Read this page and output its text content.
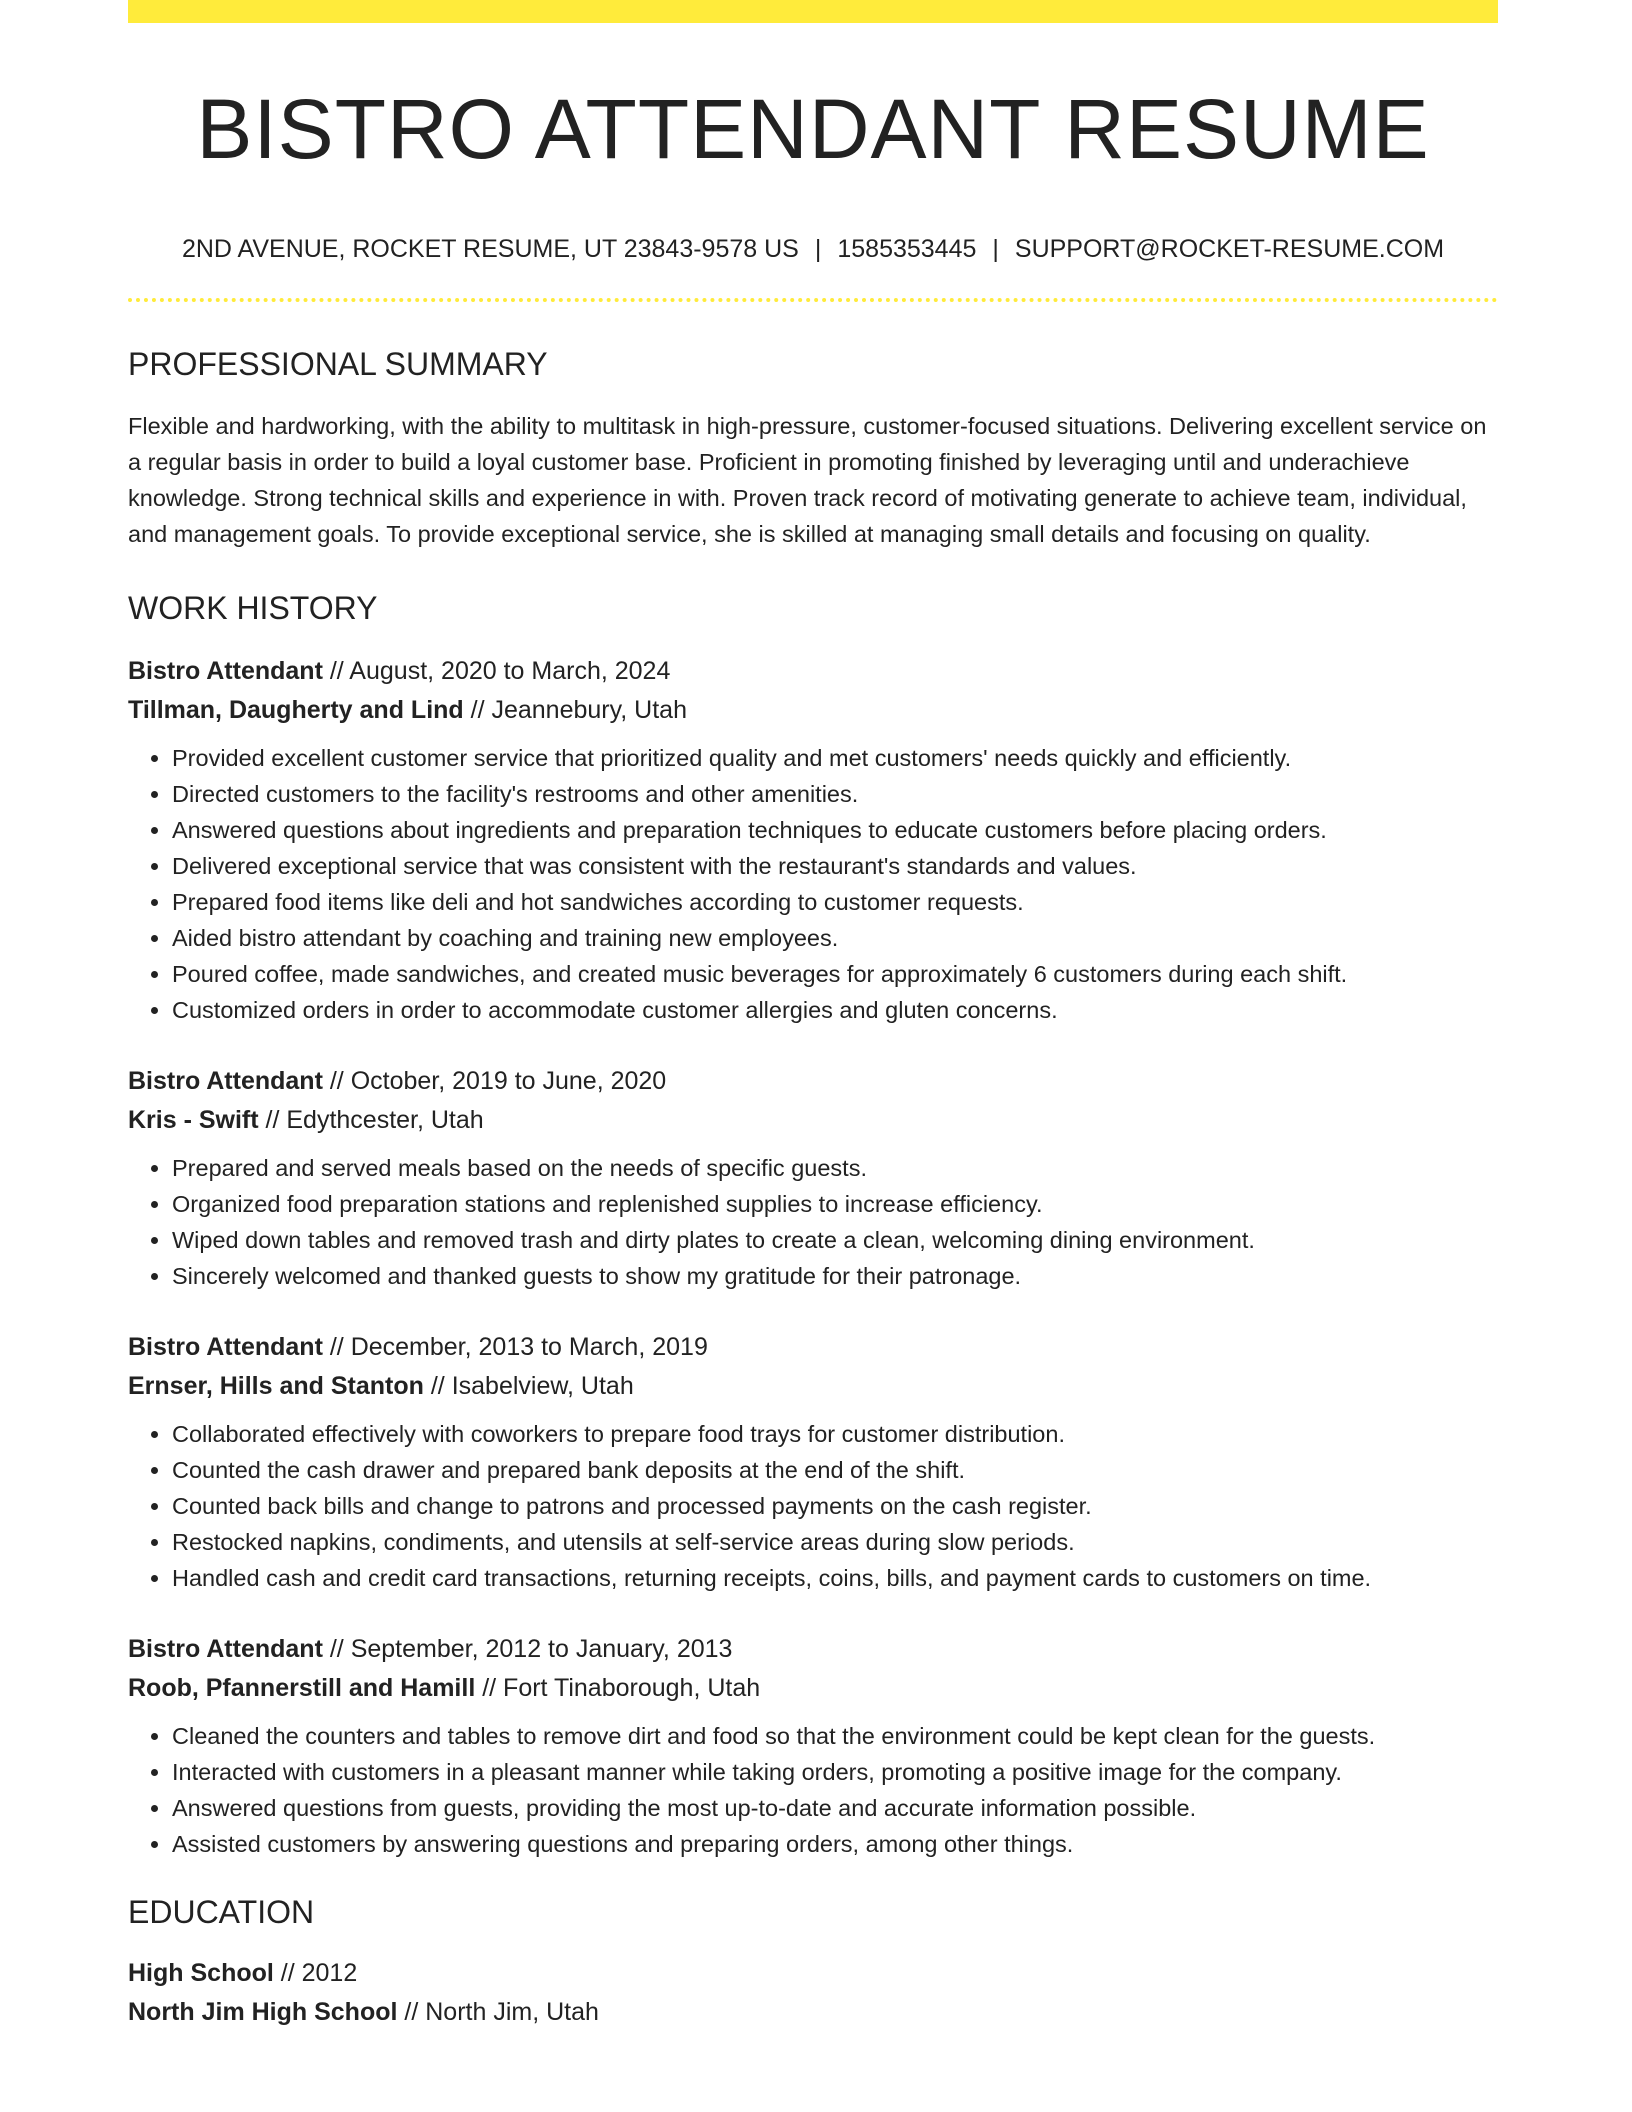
BISTRO ATTENDANT RESUME
2ND AVENUE, ROCKET RESUME, UT 23843-9578 US | 1585353445 | SUPPORT@ROCKET-RESUME.COM
PROFESSIONAL SUMMARY

Flexible and hardworking, with the ability to multitask in high-pressure, customer-focused situations. Delivering excellent service on a regular basis in order to build a loyal customer base. Proficient in promoting finished by leveraging until and underachieve knowledge. Strong technical skills and experience in with. Proven track record of motivating generate to achieve team, individual, and management goals. To provide exceptional service, she is skilled at managing small details and focusing on quality.

WORK HISTORY
Bistro Attendant // August, 2020 to March, 2024
Tillman, Daugherty and Lind // Jeannebury, Utah
• Provided excellent customer service that prioritized quality and met customers' needs quickly and efficiently.
• Directed customers to the facility's restrooms and other amenities.
• Answered questions about ingredients and preparation techniques to educate customers before placing orders.
• Delivered exceptional service that was consistent with the restaurant's standards and values.
• Prepared food items like deli and hot sandwiches according to customer requests.
• Aided bistro attendant by coaching and training new employees.
• Poured coffee, made sandwiches, and created music beverages for approximately 6 customers during each shift.
• Customized orders in order to accommodate customer allergies and gluten concerns.
Bistro Attendant // October, 2019 to June, 2020
Kris - Swift // Edythcester, Utah
• Prepared and served meals based on the needs of specific guests.
• Organized food preparation stations and replenished supplies to increase efficiency.
• Wiped down tables and removed trash and dirty plates to create a clean, welcoming dining environment.
• Sincerely welcomed and thanked guests to show my gratitude for their patronage.
Bistro Attendant // December, 2013 to March, 2019
Ernser, Hills and Stanton // Isabelview, Utah
• Collaborated effectively with coworkers to prepare food trays for customer distribution.
• Counted the cash drawer and prepared bank deposits at the end of the shift.
• Counted back bills and change to patrons and processed payments on the cash register.
• Restocked napkins, condiments, and utensils at self-service areas during slow periods.
• Handled cash and credit card transactions, returning receipts, coins, bills, and payment cards to customers on time.
Bistro Attendant // September, 2012 to January, 2013
Roob, Pfannerstill and Hamill // Fort Tinaborough, Utah
• Cleaned the counters and tables to remove dirt and food so that the environment could be kept clean for the guests.
• Interacted with customers in a pleasant manner while taking orders, promoting a positive image for the company.
• Answered questions from guests, providing the most up-to-date and accurate information possible.
• Assisted customers by answering questions and preparing orders, among other things.
EDUCATION
High School // 2012
North Jim High School // North Jim, Utah
